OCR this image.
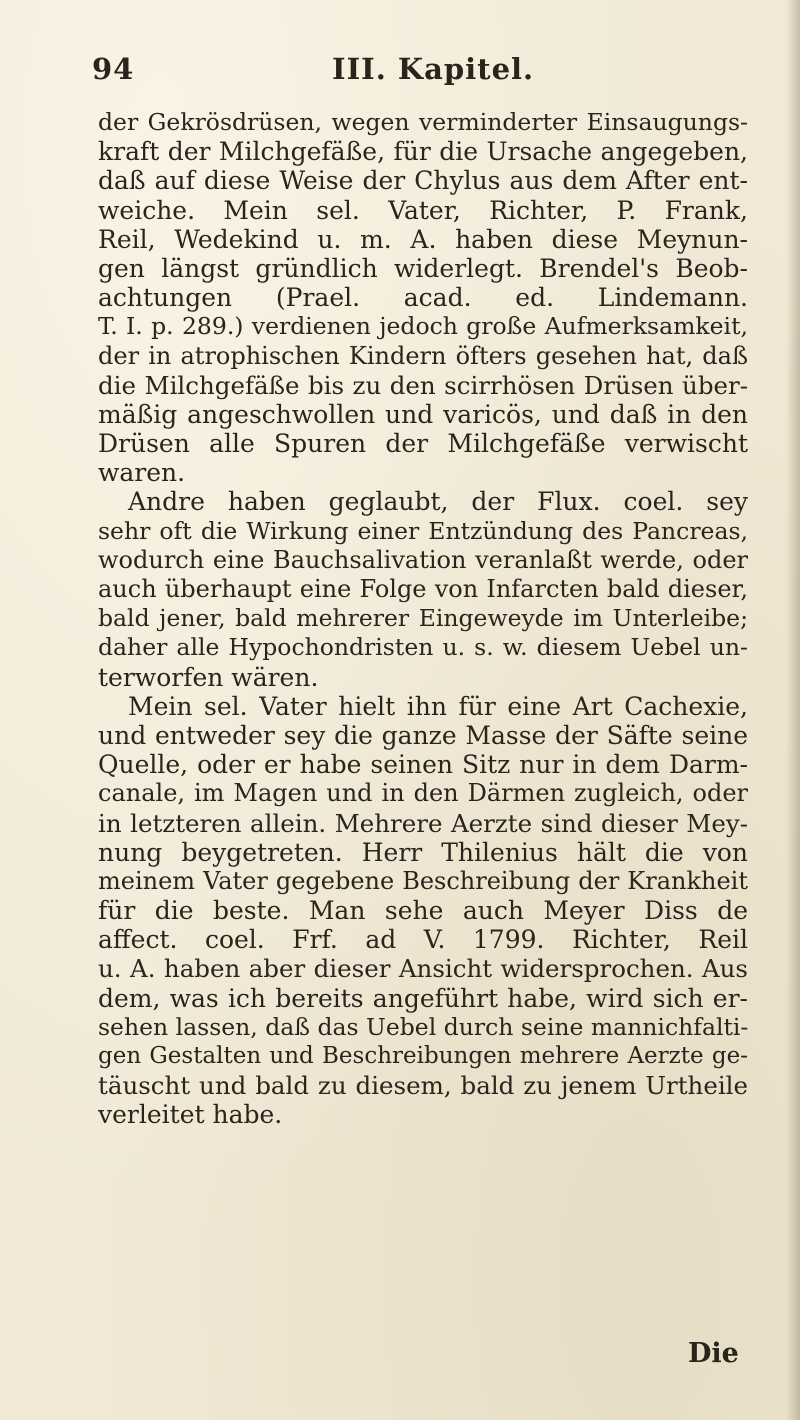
94	III. Kapitel.
der Gekrösdrüsen, wegen verminderter Einsaugungs-
kraft der Milchgefäße, für die Ursache angegeben,
daß auf diese Weise der Chylus aus dem After ent-
weiche. Mein sel. Vater, Richter, P. Frank,
Reil, Wedekind u. m. A. haben diese Meynun-
gen längst gründlich widerlegt. Brendel's Beob-
achtungen (Prael. acad. ed. Lindemann.
T. I. p. 289.) verdienen jedoch große Aufmerksamkeit,
der in atrophischen Kindern öfters gesehen hat, daß
die Milchgefäße bis zu den scirrhösen Drüsen über-
mäßig angeschwollen und varicös, und daß in den
Drüsen alle Spuren der Milchgefäße verwischt
waren.
Andre haben geglaubt, der Flux. coel. sey
sehr oft die Wirkung einer Entzündung des Pancreas,
wodurch eine Bauchsalivation veranlaßt werde, oder
auch überhaupt eine Folge von Infarcten bald dieser,
bald jener, bald mehrerer Eingeweyde im Unterleibe;
daher alle Hypochondristen u. s. w. diesem Uebel un-
terworfen wären.
Mein sel. Vater hielt ihn für eine Art Cachexie,
und entweder sey die ganze Masse der Säfte seine
Quelle, oder er habe seinen Sitz nur in dem Darm-
canale, im Magen und in den Därmen zugleich, oder
in letzteren allein. Mehrere Aerzte sind dieser Mey-
nung beygetreten. Herr Thilenius hält die von
meinem Vater gegebene Beschreibung der Krankheit
für die beste. Man sehe auch Meyer Diss de
affect. coel. Frf. ad V. 1799. Richter, Reil
u. A. haben aber dieser Ansicht widersprochen. Aus
dem, was ich bereits angeführt habe, wird sich er-
sehen lassen, daß das Uebel durch seine mannichfalti-
gen Gestalten und Beschreibungen mehrere Aerzte ge-
täuscht und bald zu diesem, bald zu jenem Urtheile
verleitet habe.
Die
